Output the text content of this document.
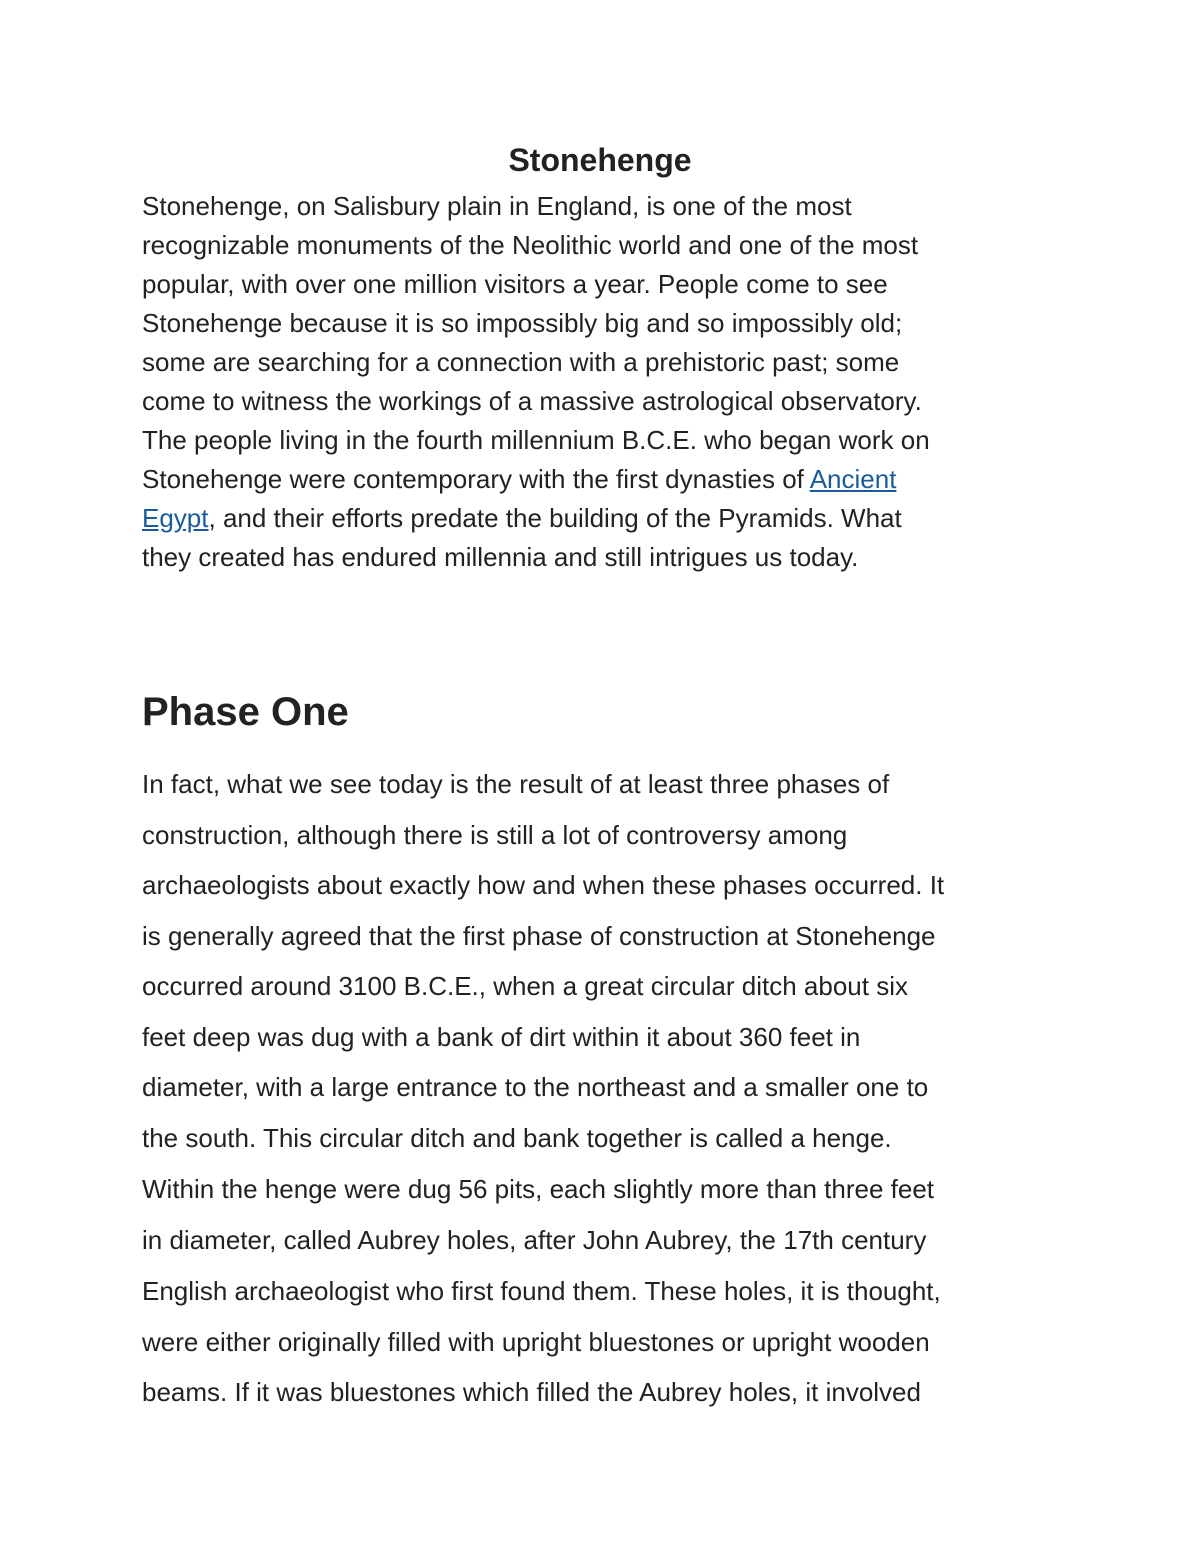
Stonehenge

Stonehenge, on Salisbury plain in England, is one of the most

recognizable monuments of the Neolithic world and one of the most

popular, with over one million visitors a year. People come to see

Stonehenge because it is so impossibly big and so impossibly old;

some are searching for a connection with a prehistoric past; some

come to witness the workings of a massive astrological observatory.

The people living in the fourth millennium B.C.E. who began work on

Stonehenge were contemporary with the first dynasties of Ancient

Egypt, and their efforts predate the building of the Pyramids. What

they created has endured millennia and still intrigues us today.

Phase One

In fact, what we see today is the result of at least three phases of

construction, although there is still a lot of controversy among

archaeologists about exactly how and when these phases occurred. It

is generally agreed that the first phase of construction at Stonehenge

occurred around 3100 B.C.E., when a great circular ditch about six

feet deep was dug with a bank of dirt within it about 360 feet in

diameter, with a large entrance to the northeast and a smaller one to

the south. This circular ditch and bank together is called a henge.

Within the henge were dug 56 pits, each slightly more than three feet

in diameter, called Aubrey holes, after John Aubrey, the 17th century

English archaeologist who first found them. These holes, it is thought,

were either originally filled with upright bluestones or upright wooden

beams. If it was bluestones which filled the Aubrey holes, it involved
